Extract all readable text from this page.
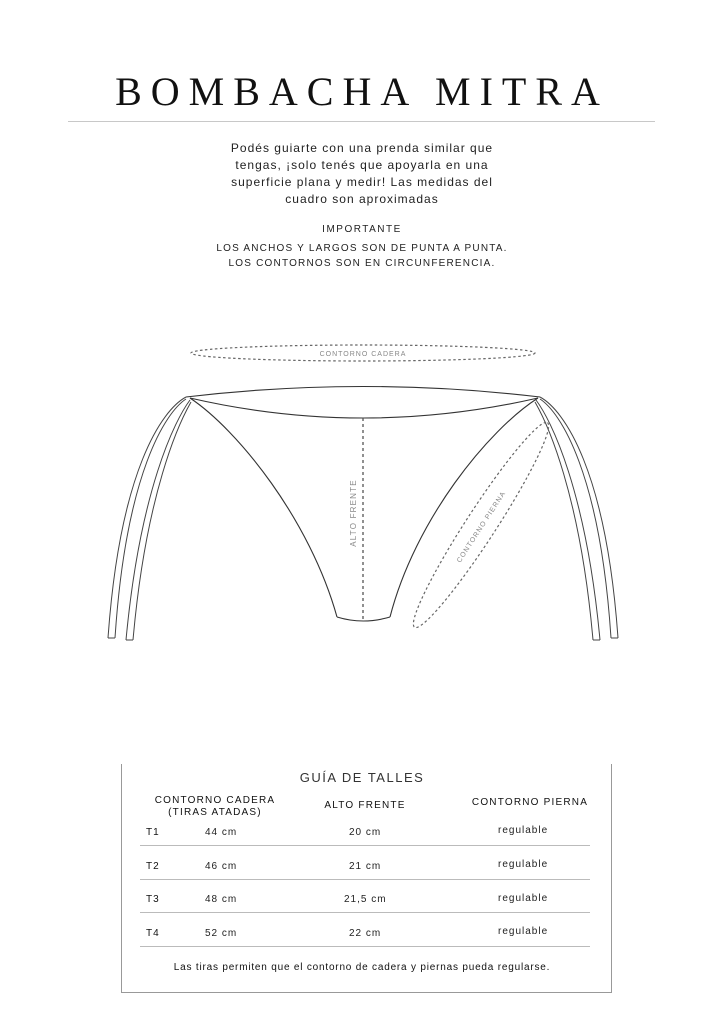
BOMBACHA MITRA
Podés guiarte con una prenda similar que
tengas, ¡solo tenés que apoyarla en una
superficie plana y medir! Las medidas del
cuadro son aproximadas
IMPORTANTE
LOS ANCHOS Y LARGOS SON DE PUNTA A PUNTA.
LOS CONTORNOS SON EN CIRCUNFERENCIA.
CONTORNO CADERA
ALTO FRENTE	CONTORNO PIERNA
GUÍA DE TALLES
CONTORNO CADERA
(TIRAS ATADAS)
ALTO FRENTE	CONTORNO PIERNA
T1	44 cm	20 cm	regulable
T2	46 cm	21 cm	regulable
T3	48 cm	21,5 cm	regulable
T4	52 cm	22 cm	regulable
Las tiras permiten que el contorno de cadera y piernas pueda regularse.
